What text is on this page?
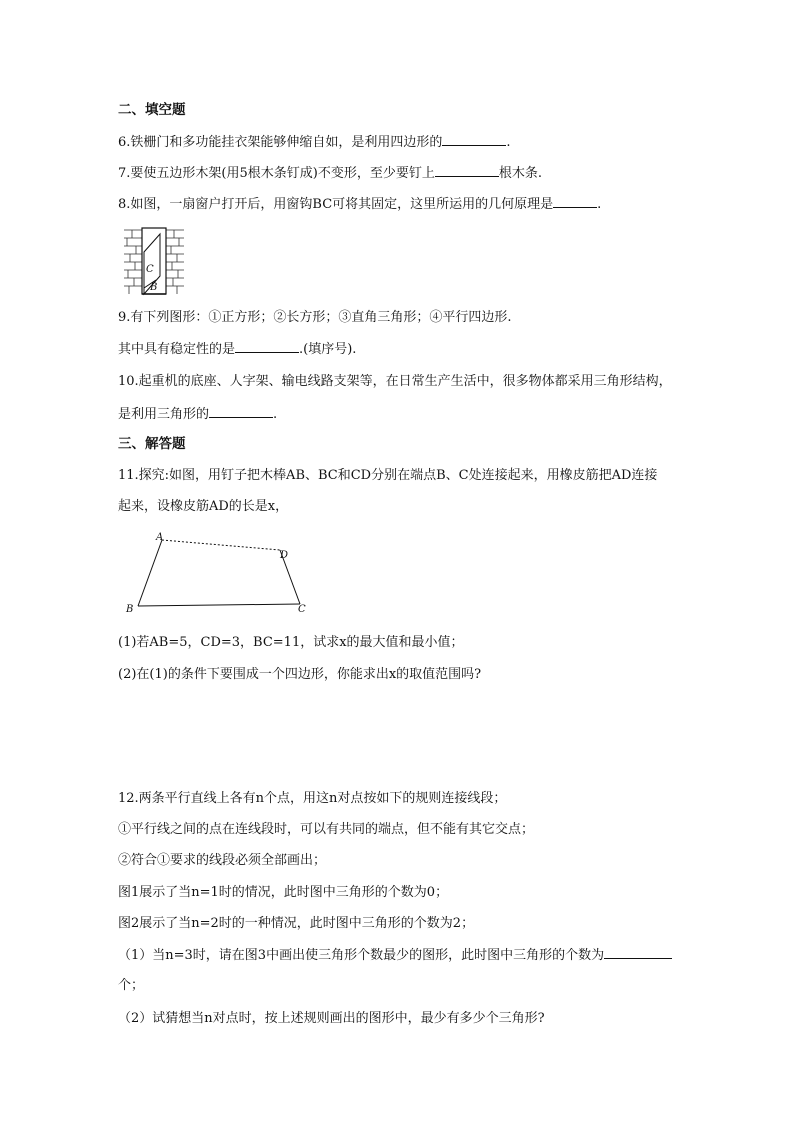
二、填空题
6.铁栅门和多功能挂衣架能够伸缩自如，是利用四边形的	.
7.要使五边形木架(用5根木条钉成)不变形，至少要钉上	根木条.
8.如图，一扇窗户打开后，用窗钩BC可将其固定，这里所运用的几何原理是	.
C
B
9.有下列图形：①正方形；②长方形；③直角三角形；④平行四边形.
其中具有稳定性的是	.(填序号).
10.起重机的底座、人字架、输电线路支架等，在日常生产生活中，很多物体都采用三角形结构，
是利用三角形的	.
三、解答题
11.探究:如图，用钉子把木棒AB、BC和CD分别在端点B、C处连接起来，用橡皮筋把AD连接
起来，设橡皮筋AD的长是x，
A
D
B	C
(1)若AB=5，CD=3，BC=11，试求x的最大值和最小值；
(2)在(1)的条件下要围成一个四边形，你能求出x的取值范围吗?
12.两条平行直线上各有n个点，用这n对点按如下的规则连接线段；
①平行线之间的点在连线段时，可以有共同的端点，但不能有其它交点；
②符合①要求的线段必须全部画出；
图1展示了当n=1时的情况，此时图中三角形的个数为0；
图2展示了当n=2时的一种情况，此时图中三角形的个数为2；
（1）当n=3时，请在图3中画出使三角形个数最少的图形，此时图中三角形的个数为
个；
（2）试猜想当n对点时，按上述规则画出的图形中，最少有多少个三角形?
